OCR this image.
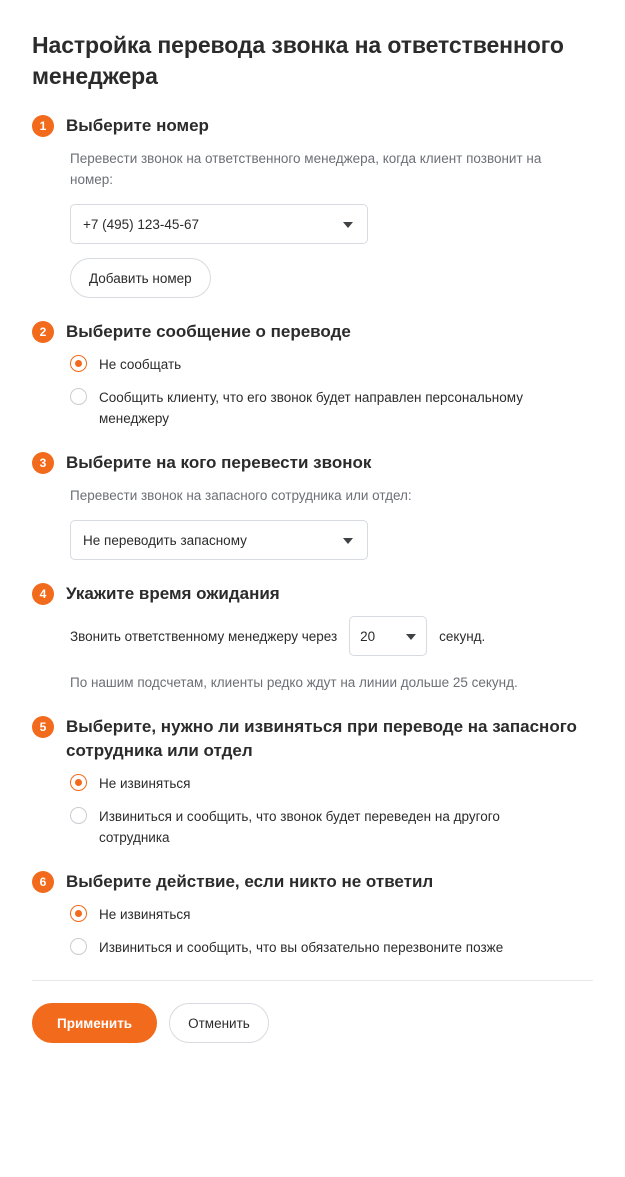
Настройка перевода звонка на ответственного менеджера
1	Выберите номер

Перевести звонок на ответственного менеджера, когда клиент позвонит на номер:

+7 (495) 123-45-67
Добавить номер
2	Выберите сообщение о переводе
Не сообщать
Сообщить клиенту, что его звонок будет направлен персональному менеджеру
3	Выберите на кого перевести звонок

Перевести звонок на запасного сотрудника или отдел:

Не переводить запасному
4	Укажите время ожидания
Звонить ответственному менеджеру через 20	секунд.

По нашим подсчетам, клиенты редко ждут на линии дольше 25 секунд.

5	Выберите, нужно ли извиняться при переводе на запасного сотрудника или отдел
Не извиняться
Извиниться и сообщить, что звонок будет переведен на другого сотрудника
6	Выберите действие, если никто не ответил
Не извиняться
Извиниться и сообщить, что вы обязательно перезвоните позже
Применить	Отменить
